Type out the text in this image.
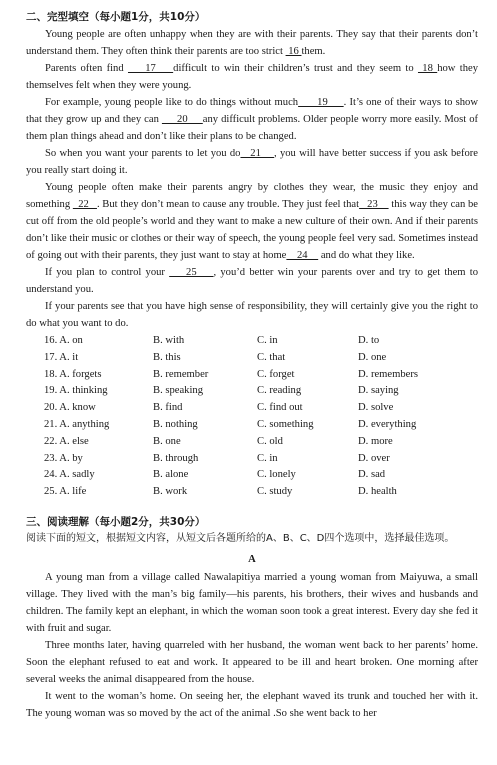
二、完型填空（每小题1分，共10分）

Young people are often unhappy when they are with their parents. They say that their parents don’t understand them. They often think their parents are too strict  16 them.

Parents often find     17    difficult to win their children’s trust and they seem to  18 how they themselves felt when they were young.

For example, young people like to do things without much      19     . It’s one of their ways to show that they grow up and they can      20     any difficult problems. Older people worry more easily. Most of them plan things ahead and don’t like their plans to be changed.

So when you want your parents to let you do   21    , you will have better success if you ask before you really start doing it.

Young people often make their parents angry by clothes they wear, the music they enjoy and something   22   . But they don’t mean to cause any trouble. They just feel that   23     this way they can be cut off from the old people’s world and they want to make a new culture of their own. And if their parents don’t like their music or clothes or their way of speech, the young people feel very sad. Sometimes instead of going out with their parents, they just want to stay at home    24     and do what they like.

If you plan to control your     25    , you’d better win your parents over and try to get them to understand you.

If your parents see that you have high sense of responsibility, they will certainly give you the right to do what you want to do.

16. A. on	B. with	C. in	D. to
17. A. it	B. this	C. that	D. one
18. A. forgets	B. remember	C. forget	D. remembers
19. A. thinking	B. speaking	C. reading	D. saying
20. A. know	B. find	C. find out	D. solve
21. A. anything	B. nothing	C. something	D. everything
22. A. else	B. one	C. old	D. more
23. A. by	B. through	C. in	D. over
24. A. sadly	B. alone	C. lonely	D. sad
25. A. life	B. work	C. study	D. health
三、阅读理解（每小题2分，共30分）

阅读下面的短文，根据短文内容，从短文后各题所给的A、B、C、D四个选项中，选择最佳选项。

A

A young man from a village called Nawalapitiya married a young woman from Maiyuwa, a small village. They lived with the man’s big family—his parents, his brothers, their wives and husbands and children. The family kept an elephant, in which the woman soon took a great interest. Every day she fed it with fruit and sugar.

Three months later, having quarreled with her husband, the woman went back to her parents’ home. Soon the elephant refused to eat and work. It appeared to be ill and heart broken. One morning after several weeks the animal disappeared from the house.

It went to the woman’s home. On seeing her, the elephant waved its trunk and touched her with it. The young woman was so moved by the act of the animal .So she went back to her
